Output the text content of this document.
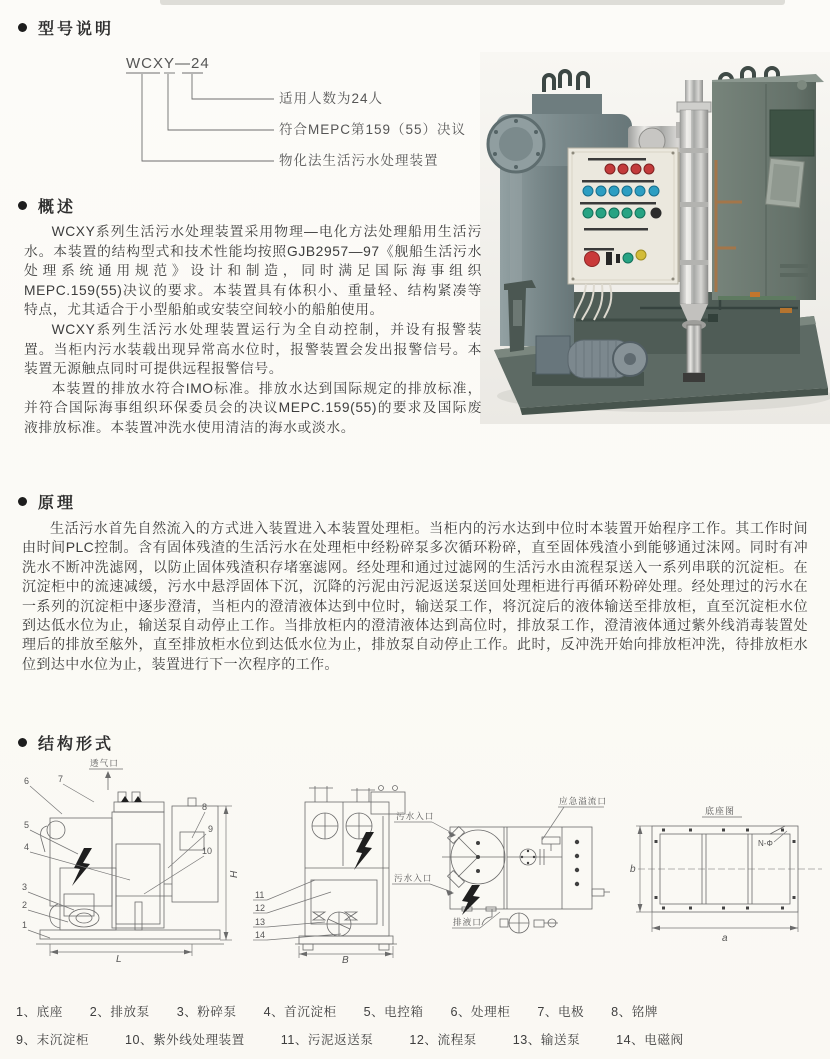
型号说明
WCXY—24
适用人数为24人
符合MEPC第159（55）决议
物化法生活污水处理装置
概述

WCXY系列生活污水处理装置采用物理—电化方法处理船用生活污水。本装置的结构型式和技术性能均按照GJB2957—97《舰船生活污水处理系统通用规范》设计和制造，同时满足国际海事组织MEPC.159(55)决议的要求。本装置具有体积小、重量轻、结构紧凑等特点，尤其适合于小型船舶或安装空间较小的船舶使用。

WCXY系列生活污水处理装置运行为全自动控制，并设有报警装置。当柜内污水装载出现异常高水位时，报警装置会发出报警信号。本装置无源触点同时可提供远程报警信号。

本装置的排放水符合IMO标准。排放水达到国际规定的排放标准，并符合国际海事组织环保委员会的决议MEPC.159(55)的要求及国际废液排放标准。本装置冲洗水使用清洁的海水或淡水。

原理

生活污水首先自然流入的方式进入装置进入本装置处理柜。当柜内的污水达到中位时本装置开始程序工作。其工作时间由时间PLC控制。含有固体残渣的生活污水在处理柜中经粉碎泵多次循环粉碎，直至固体残渣小到能够通过沫网。同时有冲洗水不断冲洗滤网，以防止固体残渣积存堵塞滤网。经处理和通过过滤网的生活污水由流程泵送入一系列串联的沉淀柜。在沉淀柜中的流速减缓，污水中悬浮固体下沉，沉降的污泥由污泥返送泵送回处理柜进行再循环粉碎处理。经处理过的污水在一系列的沉淀柜中逐步澄清，当柜内的澄清液体达到中位时，输送泵工作，将沉淀后的液体输送至排放柜，直至沉淀柜水位到达低水位为止，输送泵自动停止工作。当排放柜内的澄清液体达到高位时，排放泵工作，澄清液体通过紫外线消毒装置处理后的排放至舷外，直至排放柜水位到达低水位为止，排放泵自动停止工作。此时，反冲洗开始向排放柜冲洗，待排放柜水位到达中水位为止，装置进行下一次程序的工作。

结构形式
透气口
6	7
5
4
3
2
1
8
9
10
H
L
11
12
13
14
B
污水入口
污水入口
应急溢流口
排液口
底座图
N-Φ
b
a
1、底座 2、排放泵 3、粉碎泵 4、首沉淀柜 5、电控箱 6、处理柜 7、电极 8、铭牌
9、末沉淀柜	10、紫外线处理装置	11、污泥返送泵	12、流程泵	13、输送泵	14、电磁阀
